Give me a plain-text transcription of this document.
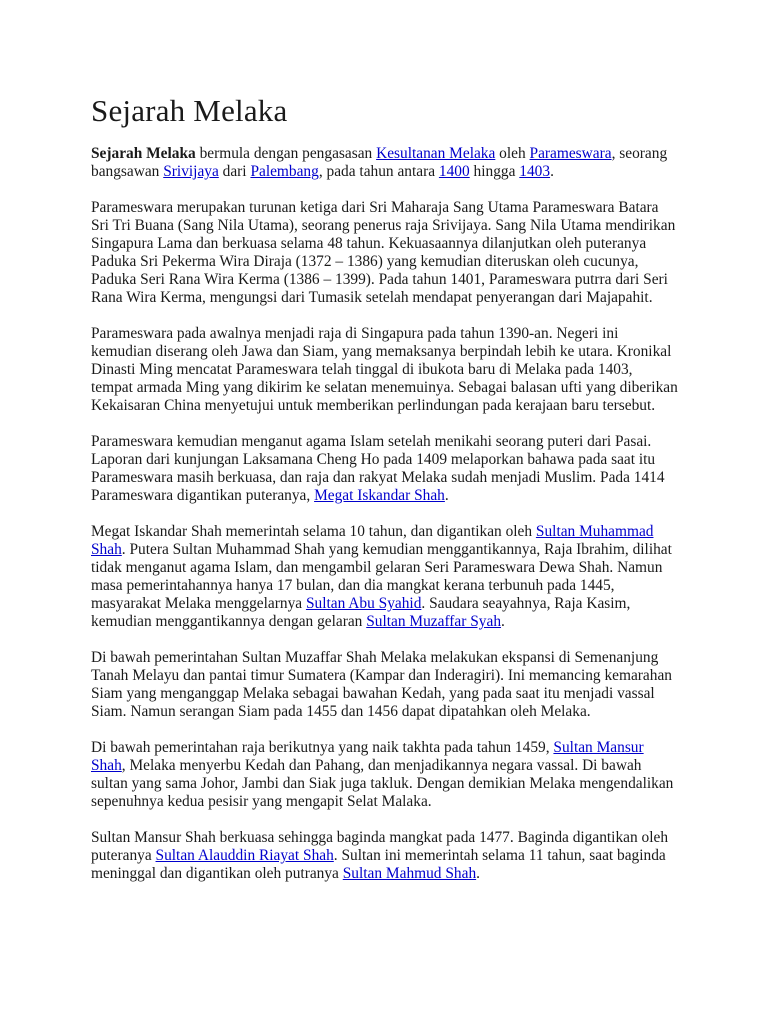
Sejarah Melaka

Sejarah Melaka bermula dengan pengasasan Kesultanan Melaka oleh Parameswara, seorang bangsawan Srivijaya dari Palembang, pada tahun antara 1400 hingga 1403.

Parameswara merupakan turunan ketiga dari Sri Maharaja Sang Utama Parameswara Batara Sri Tri Buana (Sang Nila Utama), seorang penerus raja Srivijaya. Sang Nila Utama mendirikan Singapura Lama dan berkuasa selama 48 tahun. Kekuasaannya dilanjutkan oleh puteranya Paduka Sri Pekerma Wira Diraja (1372 – 1386) yang kemudian diteruskan oleh cucunya, Paduka Seri Rana Wira Kerma (1386 – 1399). Pada tahun 1401, Parameswara putrra dari Seri Rana Wira Kerma, mengungsi dari Tumasik setelah mendapat penyerangan dari Majapahit.

Parameswara pada awalnya menjadi raja di Singapura pada tahun 1390-an. Negeri ini kemudian diserang oleh Jawa dan Siam, yang memaksanya berpindah lebih ke utara. Kronikal Dinasti Ming mencatat Parameswara telah tinggal di ibukota baru di Melaka pada 1403, tempat armada Ming yang dikirim ke selatan menemuinya. Sebagai balasan ufti yang diberikan Kekaisaran China menyetujui untuk memberikan perlindungan pada kerajaan baru tersebut.

Parameswara kemudian menganut agama Islam setelah menikahi seorang puteri dari Pasai. Laporan dari kunjungan Laksamana Cheng Ho pada 1409 melaporkan bahawa pada saat itu Parameswara masih berkuasa, dan raja dan rakyat Melaka sudah menjadi Muslim. Pada 1414 Parameswara digantikan puteranya, Megat Iskandar Shah.

Megat Iskandar Shah memerintah selama 10 tahun, dan digantikan oleh Sultan Muhammad Shah. Putera Sultan Muhammad Shah yang kemudian menggantikannya, Raja Ibrahim, dilihat tidak menganut agama Islam, dan mengambil gelaran Seri Parameswara Dewa Shah. Namun masa pemerintahannya hanya 17 bulan, dan dia mangkat kerana terbunuh pada 1445, masyarakat Melaka menggelarnya Sultan Abu Syahid. Saudara seayahnya, Raja Kasim, kemudian menggantikannya dengan gelaran Sultan Muzaffar Syah.

Di bawah pemerintahan Sultan Muzaffar Shah Melaka melakukan ekspansi di Semenanjung Tanah Melayu dan pantai timur Sumatera (Kampar dan Inderagiri). Ini memancing kemarahan Siam yang menganggap Melaka sebagai bawahan Kedah, yang pada saat itu menjadi vassal Siam. Namun serangan Siam pada 1455 dan 1456 dapat dipatahkan oleh Melaka.

Di bawah pemerintahan raja berikutnya yang naik takhta pada tahun 1459, Sultan Mansur Shah, Melaka menyerbu Kedah dan Pahang, dan menjadikannya negara vassal. Di bawah sultan yang sama Johor, Jambi dan Siak juga takluk. Dengan demikian Melaka mengendalikan sepenuhnya kedua pesisir yang mengapit Selat Malaka.

Sultan Mansur Shah berkuasa sehingga baginda mangkat pada 1477. Baginda digantikan oleh puteranya Sultan Alauddin Riayat Shah. Sultan ini memerintah selama 11 tahun, saat baginda meninggal dan digantikan oleh putranya Sultan Mahmud Shah.
